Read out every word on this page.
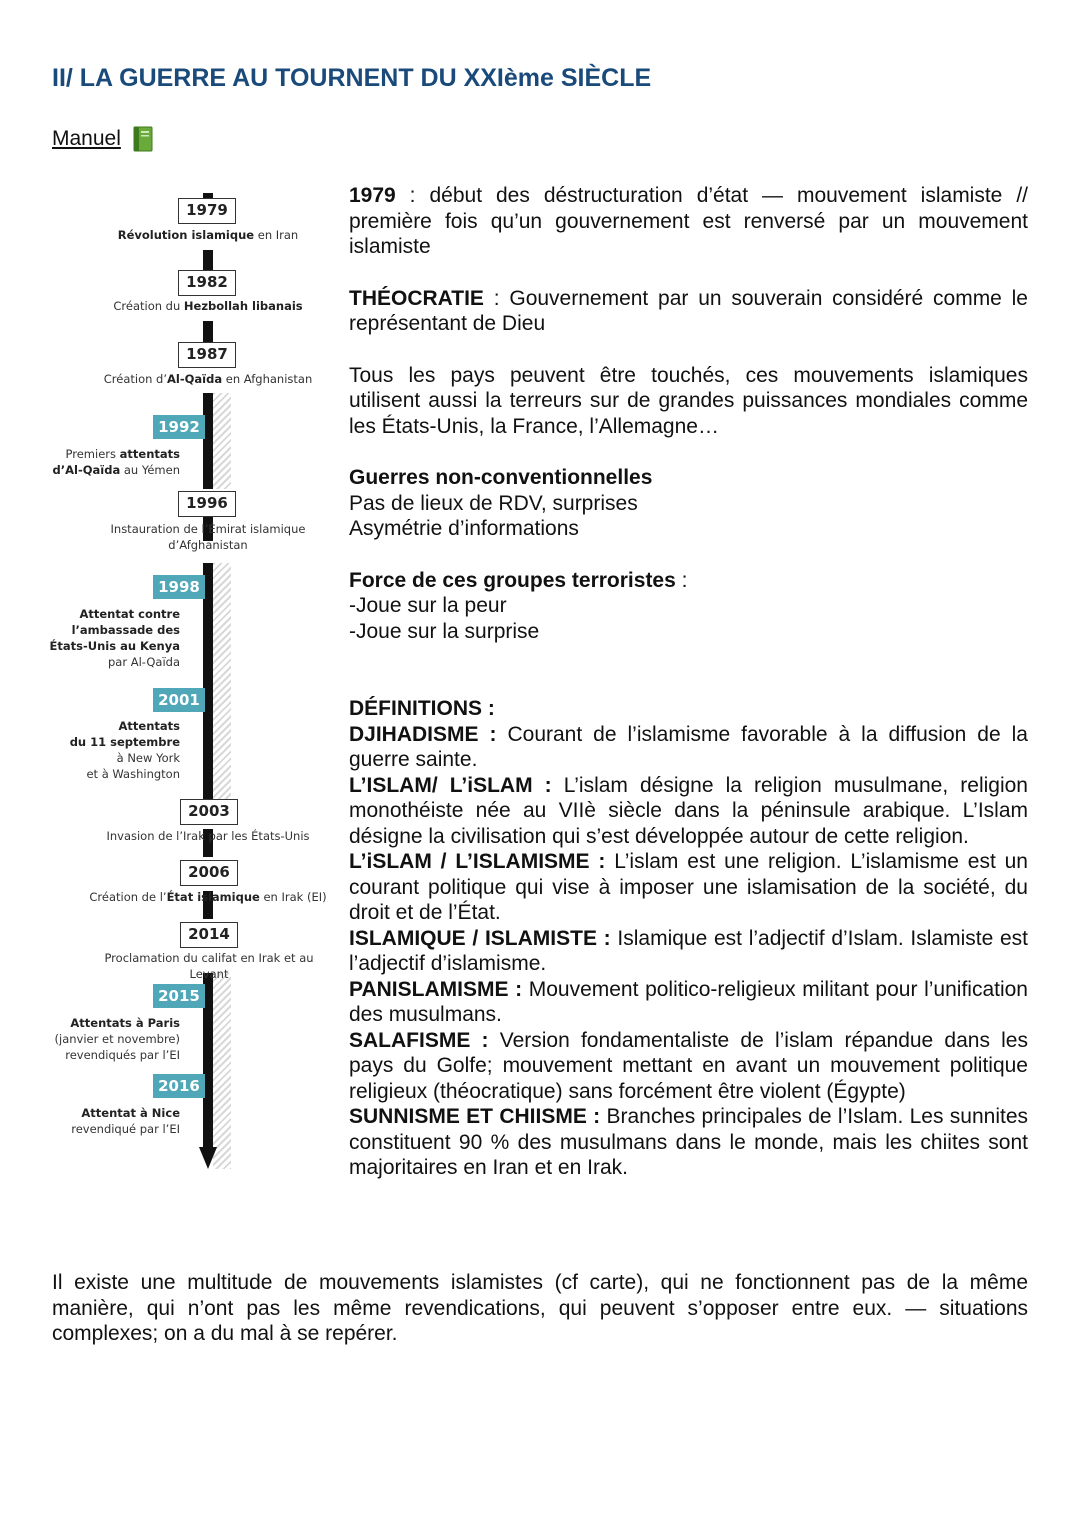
II/ LA GUERRE AU TOURNENT DU XXIème SIÈCLE
Manuel
1979
Révolution islamique en Iran
1982
Création du Hezbollah libanais
1987
Création d’Al-Qaïda en Afghanistan
1992
Premiers attentats
d’Al-Qaïda au Yémen
1996
Instauration de l’Émirat islamique
d’Afghanistan
1998
Attentat contre
l’ambassade des
États-Unis au Kenya
par Al-Qaïda
2001
Attentats
du 11 septembre
à New York
et à Washington
2003
Invasion de l’Irak par les États-Unis
2006
Création de l’État islamique en Irak (EI)
2014
Proclamation du califat en Irak et au Levant
2015
Attentats à Paris
(janvier et novembre)
revendiqués par l’EI
2016
Attentat à Nice
revendiqué par l’EI

1979 : début des déstructuration d’état — mouvement islamiste // première fois qu’un gouvernement est renversé par un mouvement islamiste

THÉOCRATIE : Gouvernement par un souverain considéré comme le représentant de Dieu

Tous les pays peuvent être touchés, ces mouvements islamiques utilisent aussi la terreurs sur de grandes puissances mondiales comme les États-Unis, la France, l’Allemagne…

Guerres non-conventionnelles

Pas de lieux de RDV, surprises

Asymétrie d’informations

Force de ces groupes terroristes :

-Joue sur la peur

-Joue sur la surprise

DÉFINITIONS :

DJIHADISME : Courant de l’islamisme favorable à la diffusion de la guerre sainte.

L’ISLAM/ L’iSLAM : L’islam désigne la religion musulmane, religion monothéiste née au VIIè siècle dans la péninsule arabique. L’Islam désigne la civilisation qui s’est développée autour de cette religion.

L’iSLAM / L’ISLAMISME : L’islam est une religion. L’islamisme est un courant politique qui vise à imposer une islamisation de la société, du droit et de l’État.

ISLAMIQUE / ISLAMISTE : Islamique est l’adjectif d’Islam. Islamiste est l’adjectif d’islamisme.

PANISLAMISME : Mouvement politico-religieux militant pour l’unification des musulmans.

SALAFISME : Version fondamentaliste de l’islam répandue dans les pays du Golfe; mouvement mettant en avant un mouvement politique religieux (théocratique) sans forcément être violent (Égypte)

SUNNISME ET CHIISME : Branches principales de l’Islam. Les sunnites constituent 90 % des musulmans dans le monde, mais les chiites sont majoritaires en Iran et en Irak.

Il existe une multitude de mouvements islamistes (cf carte), qui ne fonctionnent pas de la même manière, qui n’ont pas les même revendications, qui peuvent s’opposer entre eux. — situations complexes; on a du mal à se repérer.
